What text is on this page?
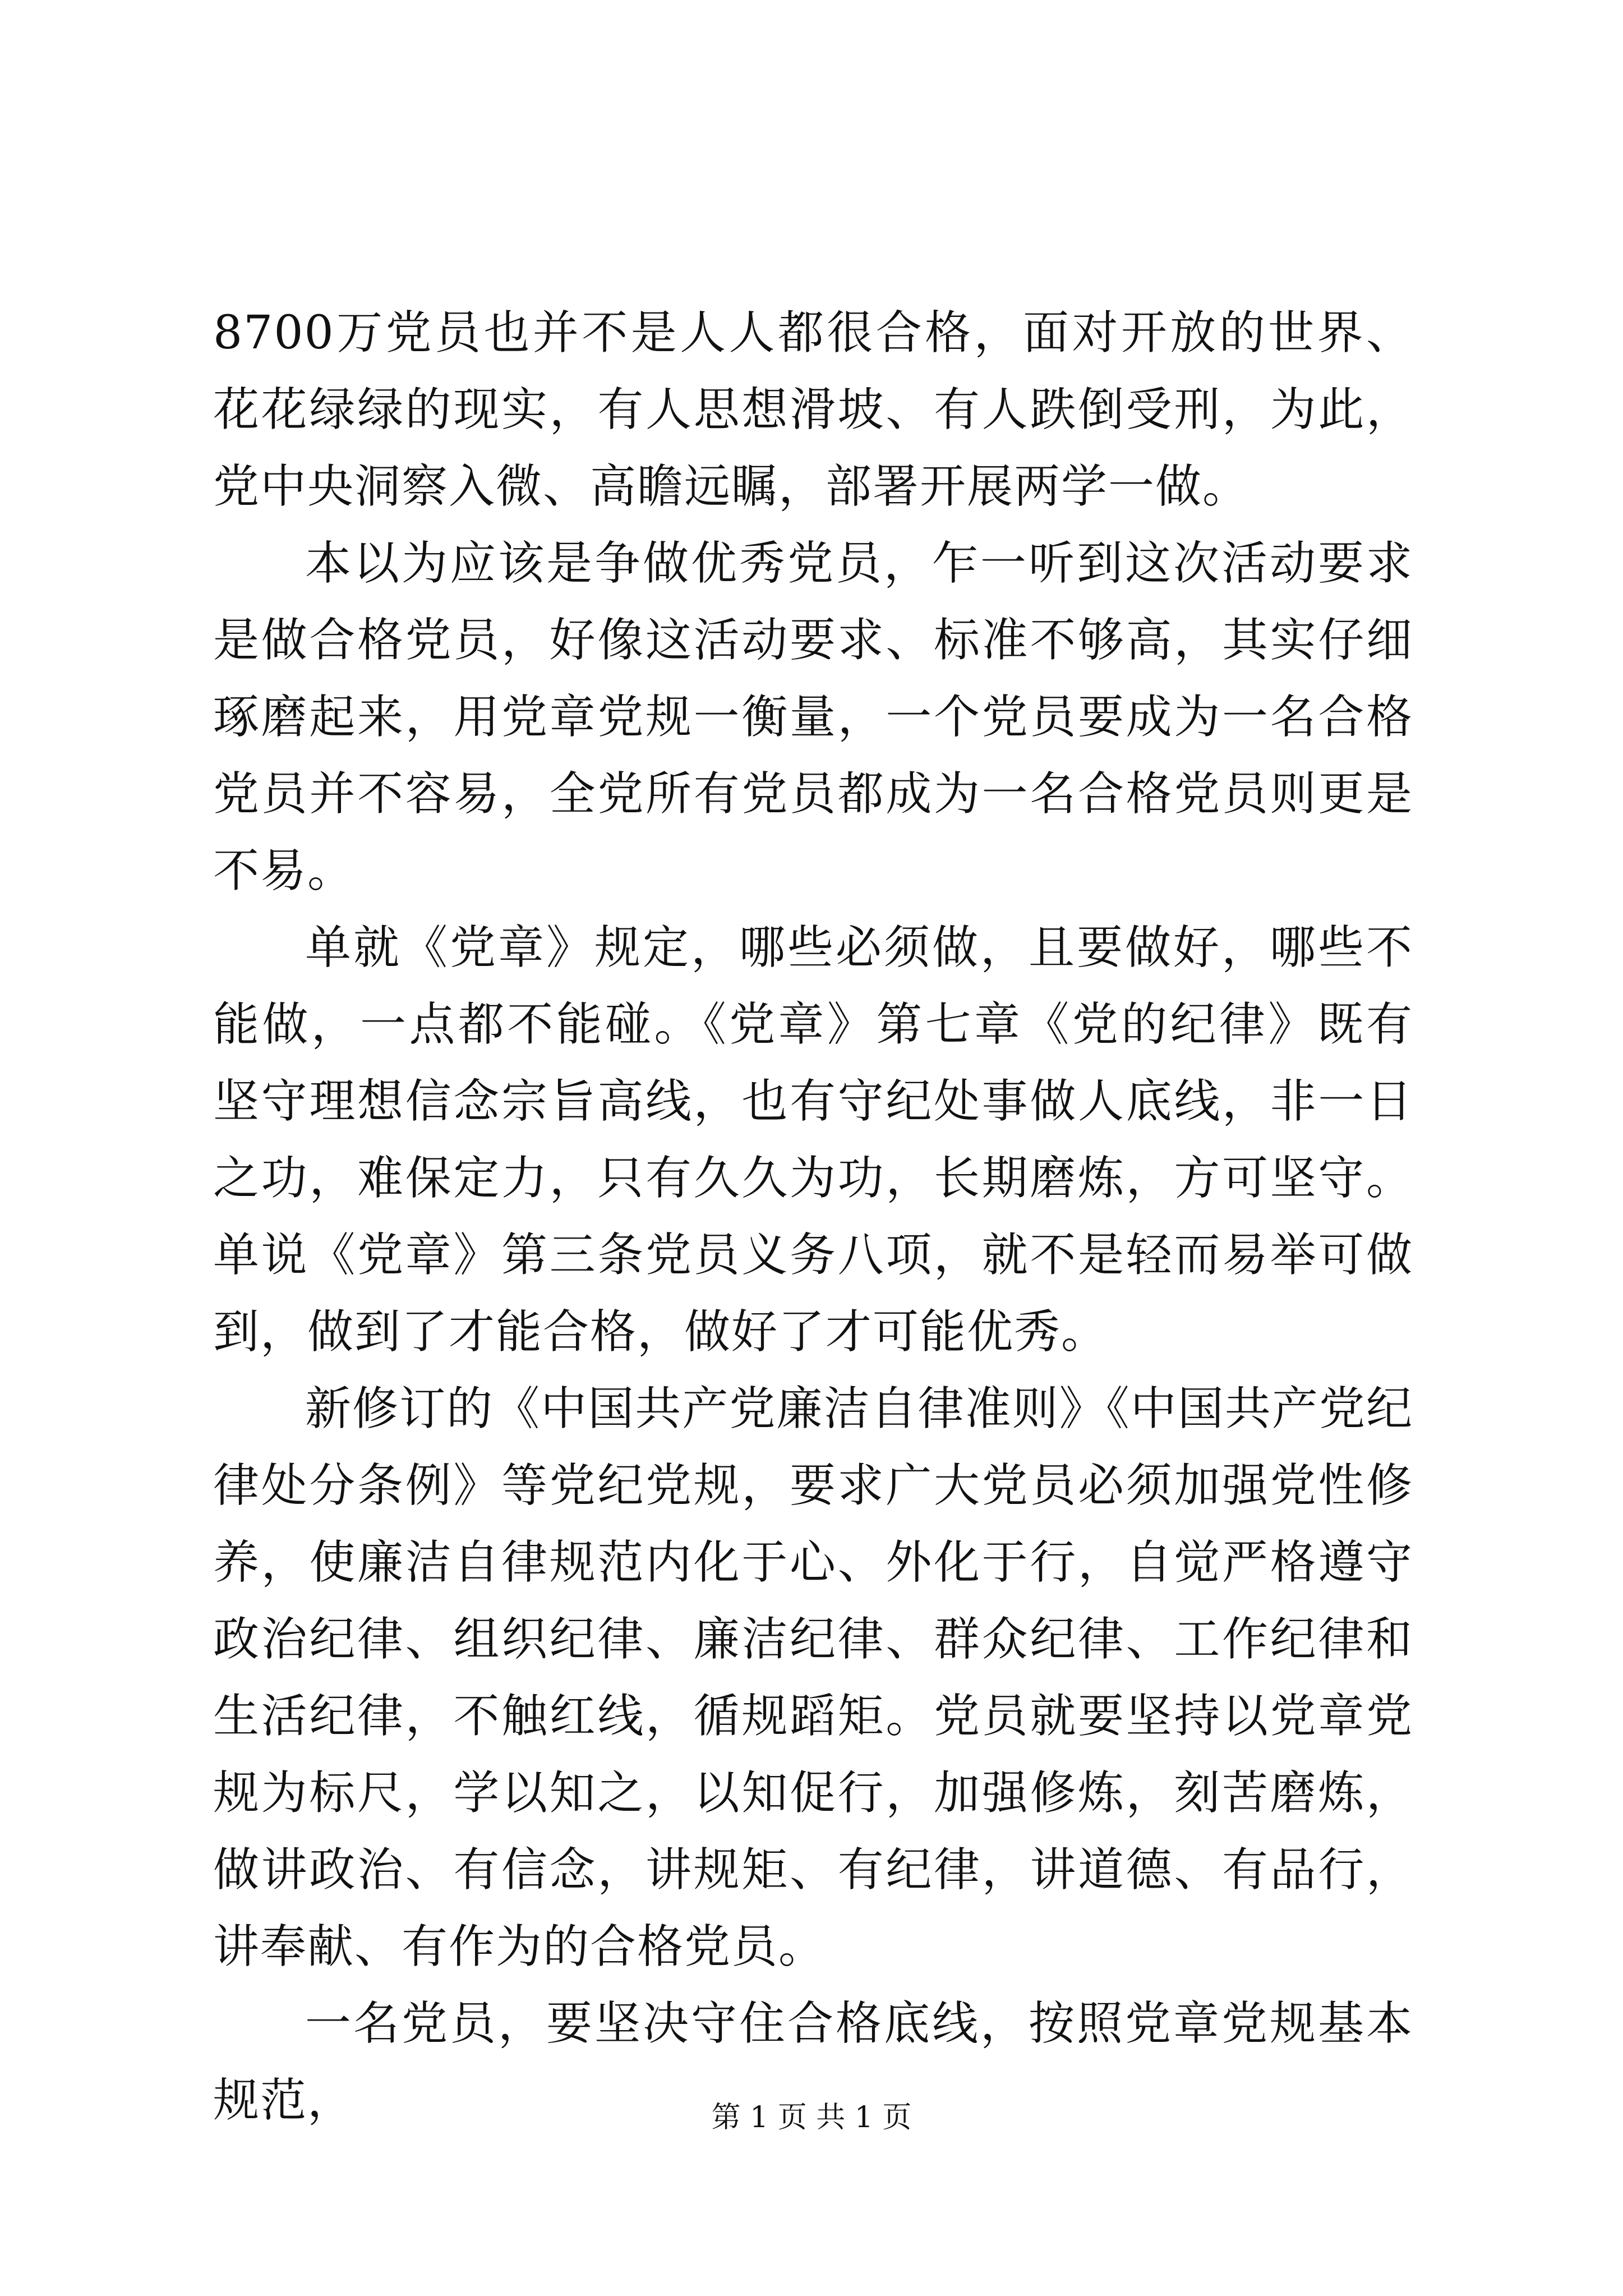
8700万党员也并不是人人都很合格，面对开放的世界、花花绿绿的现实，有人思想滑坡、有人跌倒受刑，为此，党中央洞察入微、高瞻远瞩，部署开展两学一做。

本以为应该是争做优秀党员，乍一听到这次活动要求是做合格党员，好像这活动要求、标准不够高，其实仔细琢磨起来，用党章党规一衡量，一个党员要成为一名合格党员并不容易，全党所有党员都成为一名合格党员则更是不易。

单就《党章》规定，哪些必须做，且要做好，哪些不能做，一点都不能碰。《党章》第七章《党的纪律》既有坚守理想信念宗旨高线，也有守纪处事做人底线，非一日之功，难保定力，只有久久为功，长期磨炼，方可坚守。单说《党章》第三条党员义务八项，就不是轻而易举可做到，做到了才能合格，做好了才可能优秀。

新修订的《中国共产党廉洁自律准则》《中国共产党纪律处分条例》等党纪党规，要求广大党员必须加强党性修养，使廉洁自律规范内化于心、外化于行，自觉严格遵守政治纪律、组织纪律、廉洁纪律、群众纪律、工作纪律和生活纪律，不触红线，循规蹈矩。党员就要坚持以党章党规为标尺，学以知之，以知促行，加强修炼，刻苦磨炼，做讲政治、有信念，讲规矩、有纪律，讲道德、有品行，讲奉献、有作为的合格党员。

一名党员，要坚决守住合格底线，按照党章党规基本规范，	第 1 页 共 1 页
